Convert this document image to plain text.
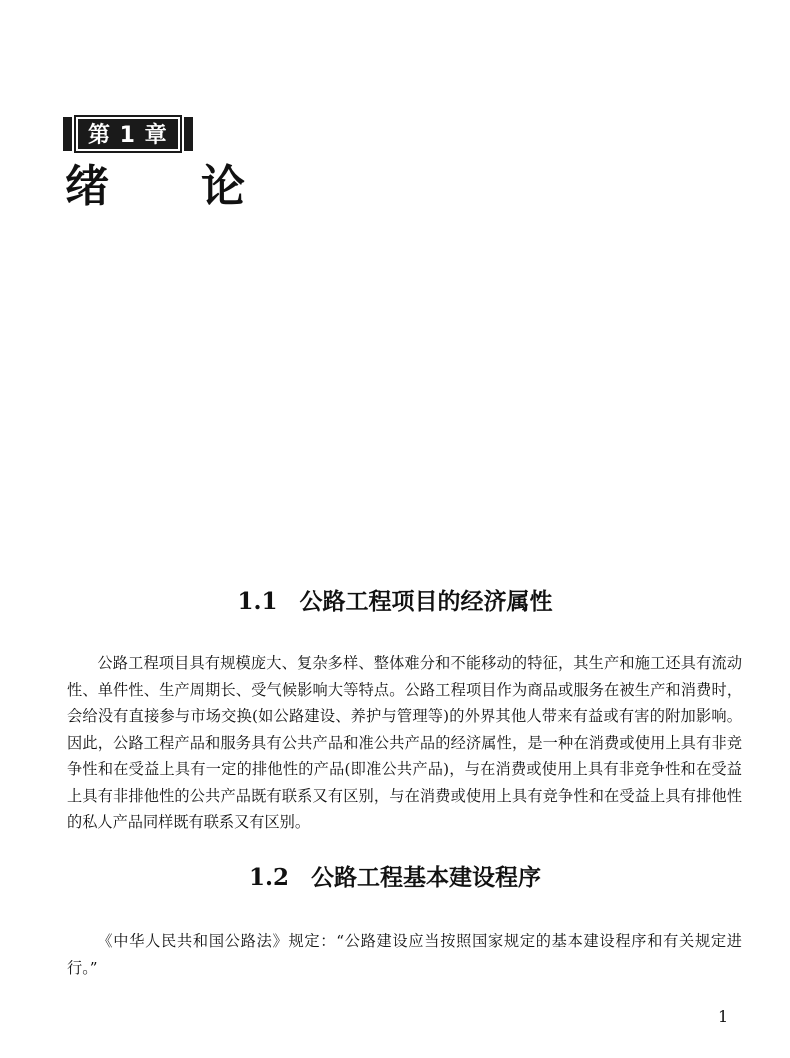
第 1 章
绪 论
1.1 公路工程项目的经济属性

公路工程项目具有规模庞大、复杂多样、整体难分和不能移动的特征，其生产和施工还具有流动性、单件性、生产周期长、受气候影响大等特点。公路工程项目作为商品或服务在被生产和消费时，会给没有直接参与市场交换(如公路建设、养护与管理等)的外界其他人带来有益或有害的附加影响。因此，公路工程产品和服务具有公共产品和准公共产品的经济属性，是一种在消费或使用上具有非竞争性和在受益上具有一定的排他性的产品(即准公共产品)，与在消费或使用上具有非竞争性和在受益上具有非排他性的公共产品既有联系又有区别，与在消费或使用上具有竞争性和在受益上具有排他性的私人产品同样既有联系又有区别。

1.2 公路工程基本建设程序

《中华人民共和国公路法》规定：“公路建设应当按照国家规定的基本建设程序和有关规定进行。”

1
